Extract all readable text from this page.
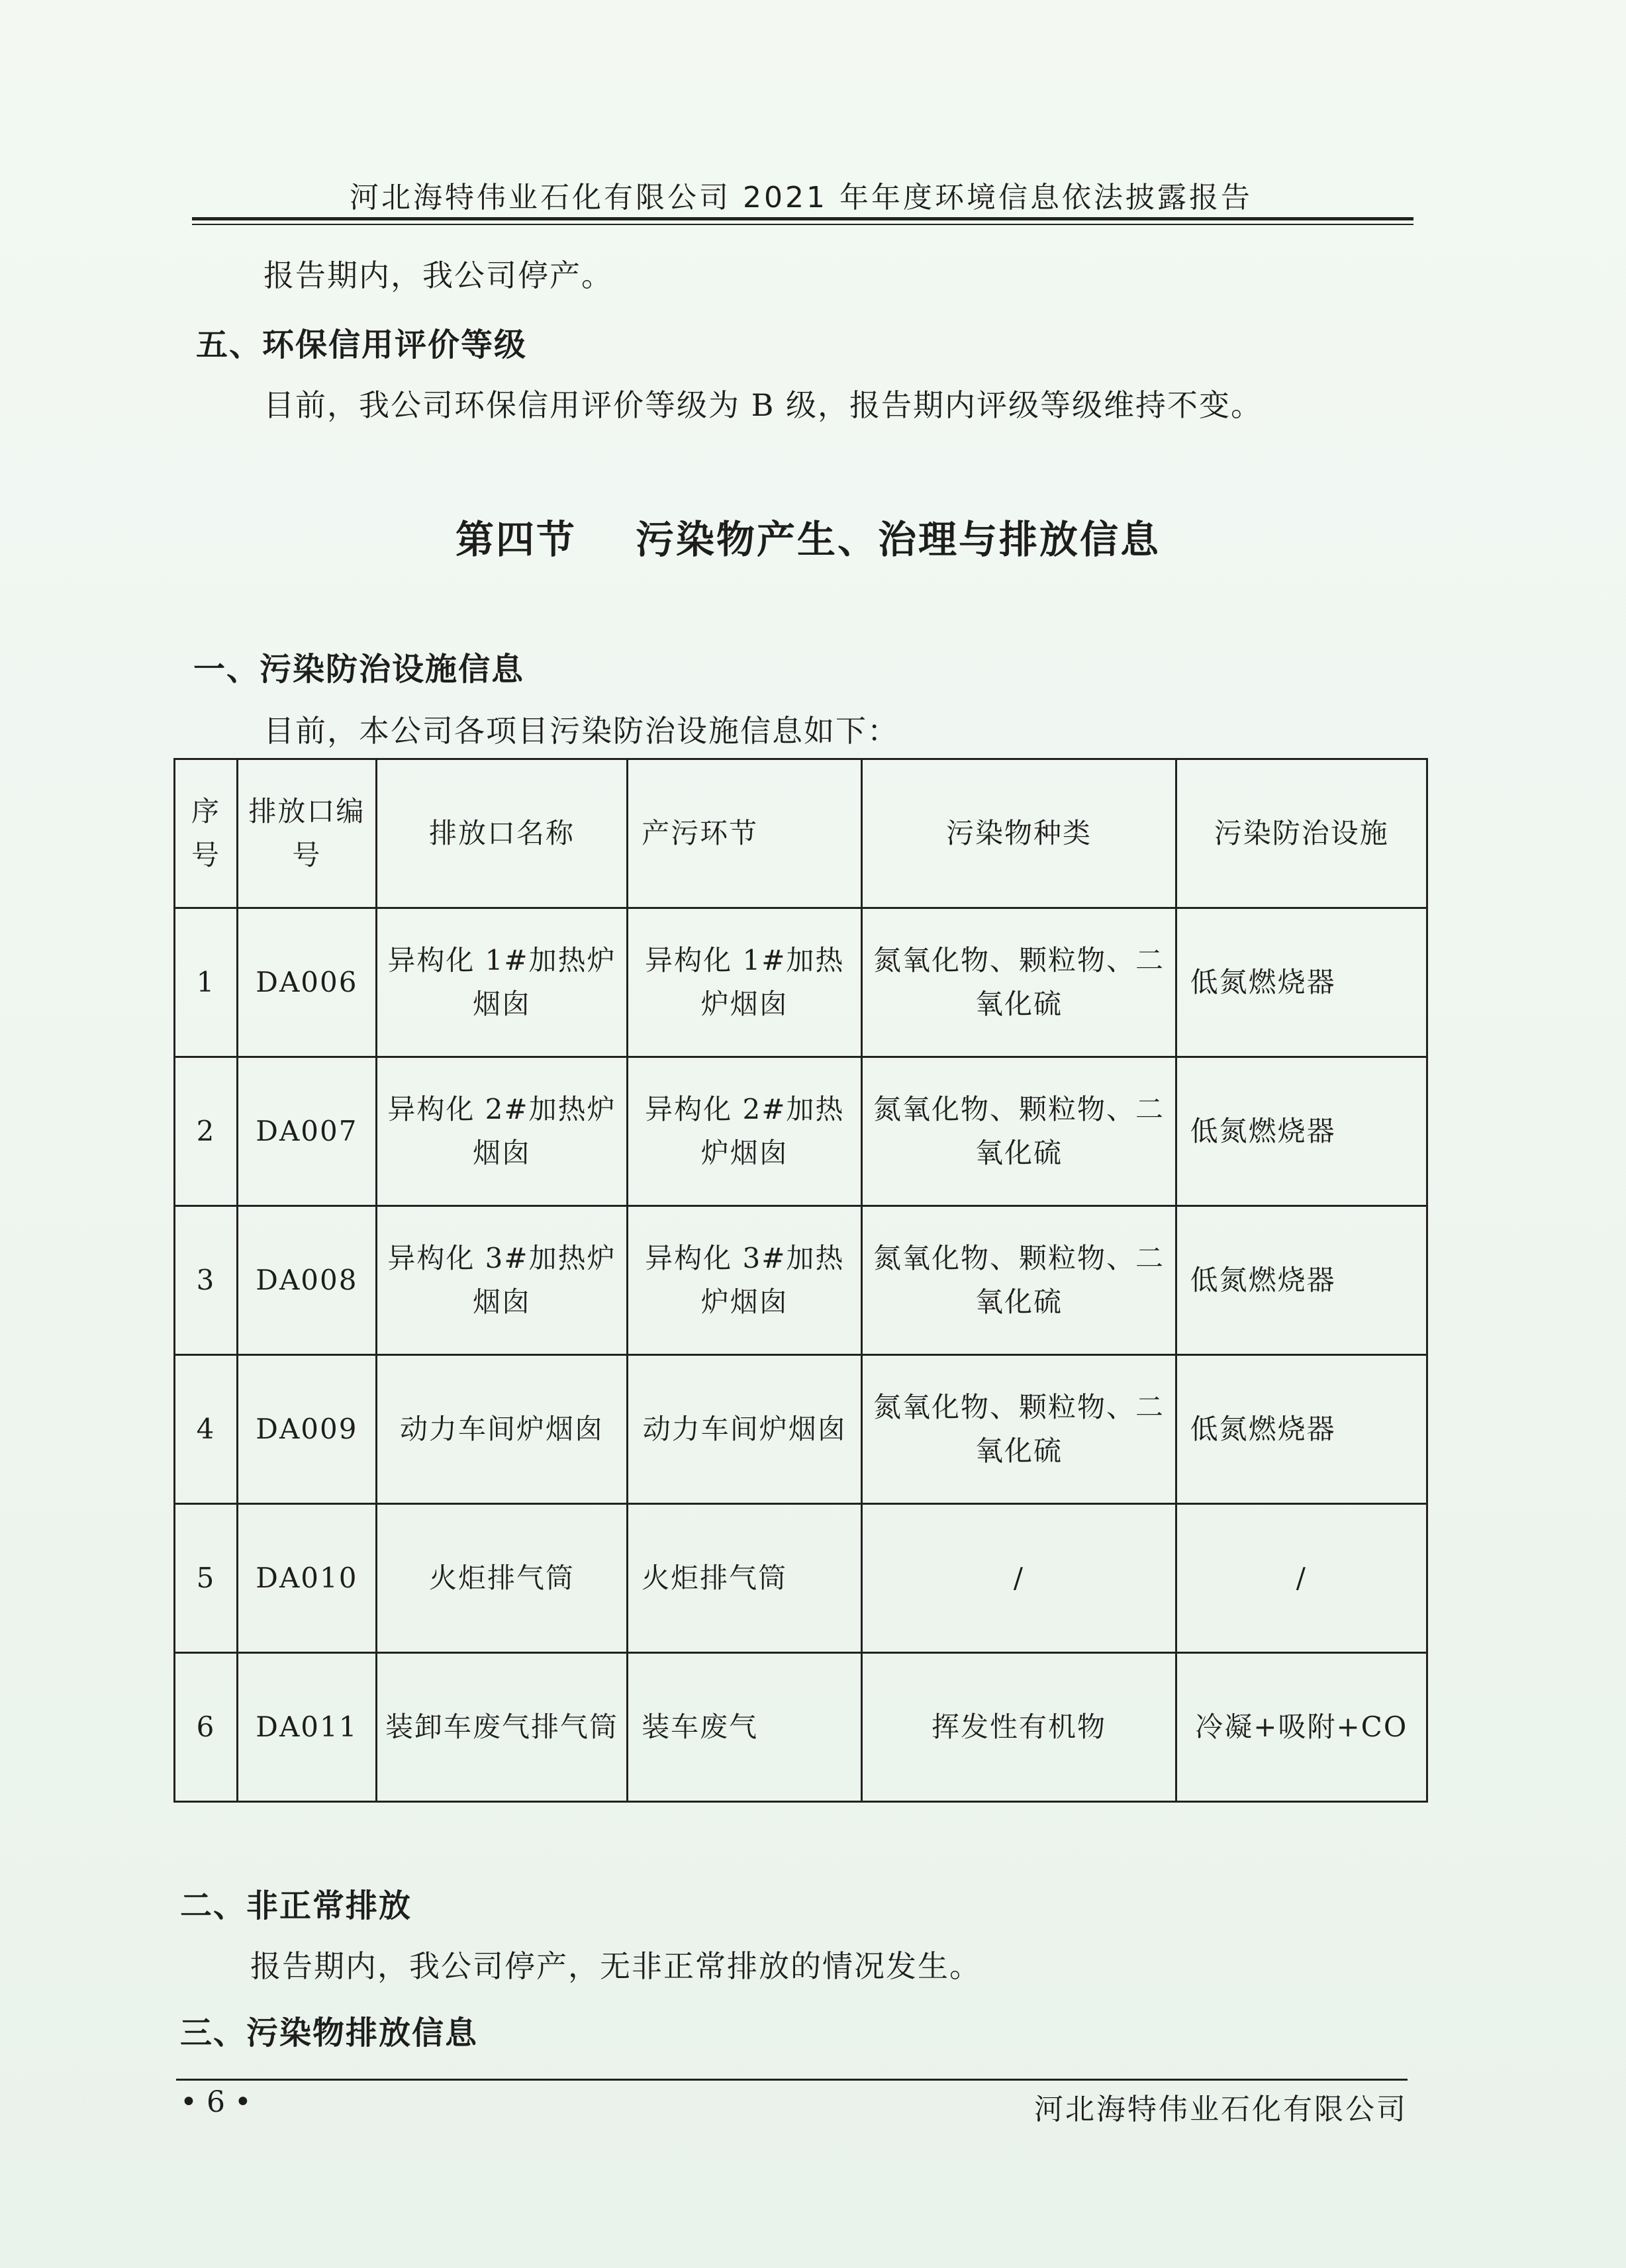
河北海特伟业石化有限公司 2021 年年度环境信息依法披露报告
报告期内，我公司停产。
五、环保信用评价等级
目前，我公司环保信用评价等级为 B 级，报告期内评级等级维持不变。
第四节 污染物产生、治理与排放信息
一、污染防治设施信息
目前，本公司各项目污染防治设施信息如下：
序号	排放口编号	排放口名称	产污环节	污染物种类	污染防治设施
1	DA006	异构化 1#加热炉烟囱	异构化 1#加热炉烟囱	氮氧化物、颗粒物、二氧化硫	低氮燃烧器
2	DA007	异构化 2#加热炉烟囱	异构化 2#加热炉烟囱	氮氧化物、颗粒物、二氧化硫	低氮燃烧器
3	DA008	异构化 3#加热炉烟囱	异构化 3#加热炉烟囱	氮氧化物、颗粒物、二氧化硫	低氮燃烧器
4	DA009	动力车间炉烟囱	动力车间炉烟囱	氮氧化物、颗粒物、二氧化硫	低氮燃烧器
5	DA010	火炬排气筒	火炬排气筒	/	/
6	DA011	装卸车废气排气筒	装车废气	挥发性有机物	冷凝+吸附+CO
二、非正常排放
报告期内，我公司停产，无非正常排放的情况发生。
三、污染物排放信息
• 6 •	河北海特伟业石化有限公司
